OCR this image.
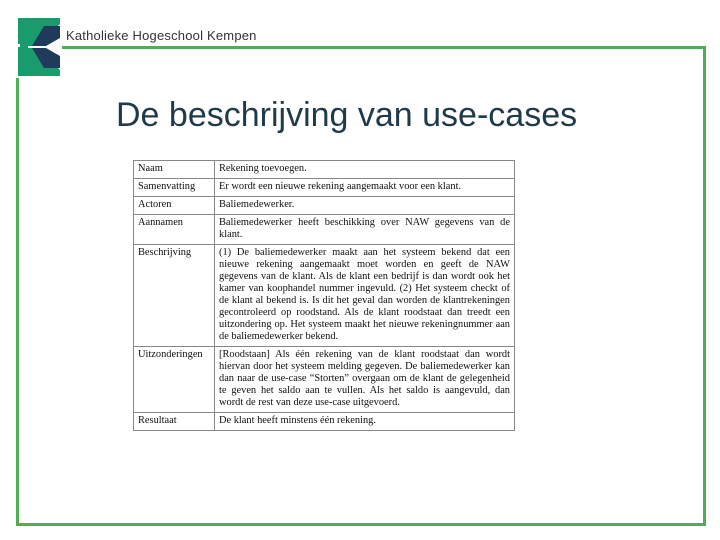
Katholieke Hogeschool Kempen
De beschrijving van use-cases
Naam	Rekening toevoegen.
Samenvatting	Er wordt een nieuwe rekening aangemaakt voor een klant.
Actoren	Baliemedewerker.
Aannamen	Baliemedewerker heeft beschikking over NAW gegevens van de klant.
Beschrijving	(1) De baliemedewerker maakt aan het systeem bekend dat een nieuwe rekening aangemaakt moet worden en geeft de NAW gegevens van de klant. Als de klant een bedrijf is dan wordt ook het kamer van koophandel nummer ingevuld. (2) Het systeem checkt of de klant al bekend is. Is dit het geval dan worden de klantrekeningen gecontroleerd op roodstand. Als de klant roodstaat dan treedt een uitzondering op. Het systeem maakt het nieuwe rekeningnummer aan de baliemedewerker bekend.
Uitzonderingen	[Roodstaan] Als één rekening van de klant roodstaat dan wordt hiervan door het systeem melding gegeven. De baliemedewerker kan dan naar de use-case “Storten” overgaan om de klant de gelegenheid te geven het saldo aan te vullen. Als het saldo is aangevuld, dan wordt de rest van deze use-case uitgevoerd.
Resultaat	De klant heeft minstens één rekening.
